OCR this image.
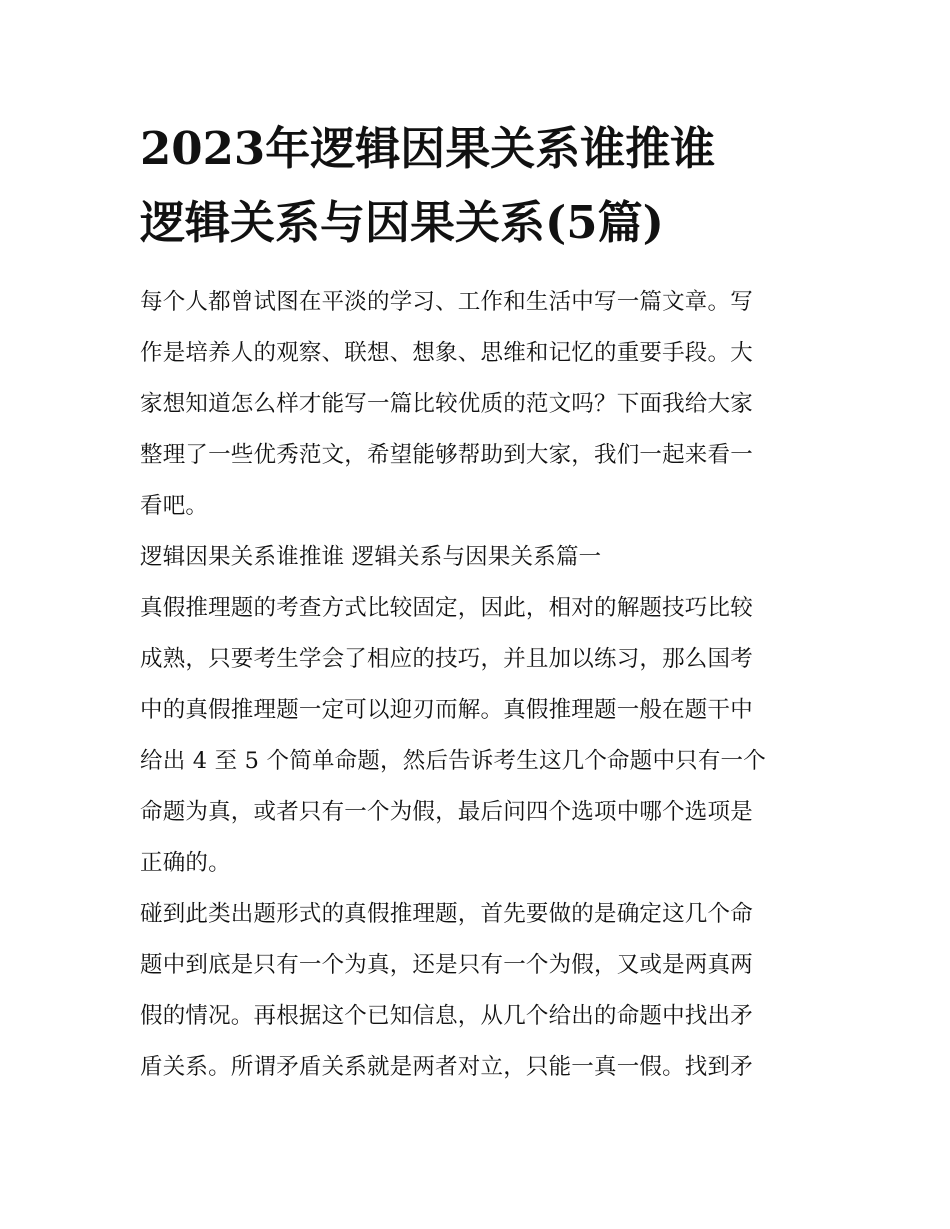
2023年逻辑因果关系谁推谁
逻辑关系与因果关系(5篇)

每个人都曾试图在平淡的学习、工作和生活中写一篇文章。写
作是培养人的观察、联想、想象、思维和记忆的重要手段。大
家想知道怎么样才能写一篇比较优质的范文吗？下面我给大家
整理了一些优秀范文，希望能够帮助到大家，我们一起来看一
看吧。

逻辑因果关系谁推谁 逻辑关系与因果关系篇一

真假推理题的考查方式比较固定，因此，相对的解题技巧比较
成熟，只要考生学会了相应的技巧，并且加以练习，那么国考
中的真假推理题一定可以迎刃而解。真假推理题一般在题干中
给出 4 至 5 个简单命题，然后告诉考生这几个命题中只有一个
命题为真，或者只有一个为假，最后问四个选项中哪个选项是
正确的。

碰到此类出题形式的真假推理题，首先要做的是确定这几个命
题中到底是只有一个为真，还是只有一个为假，又或是两真两
假的情况。再根据这个已知信息，从几个给出的命题中找出矛
盾关系。所谓矛盾关系就是两者对立，只能一真一假。找到矛
